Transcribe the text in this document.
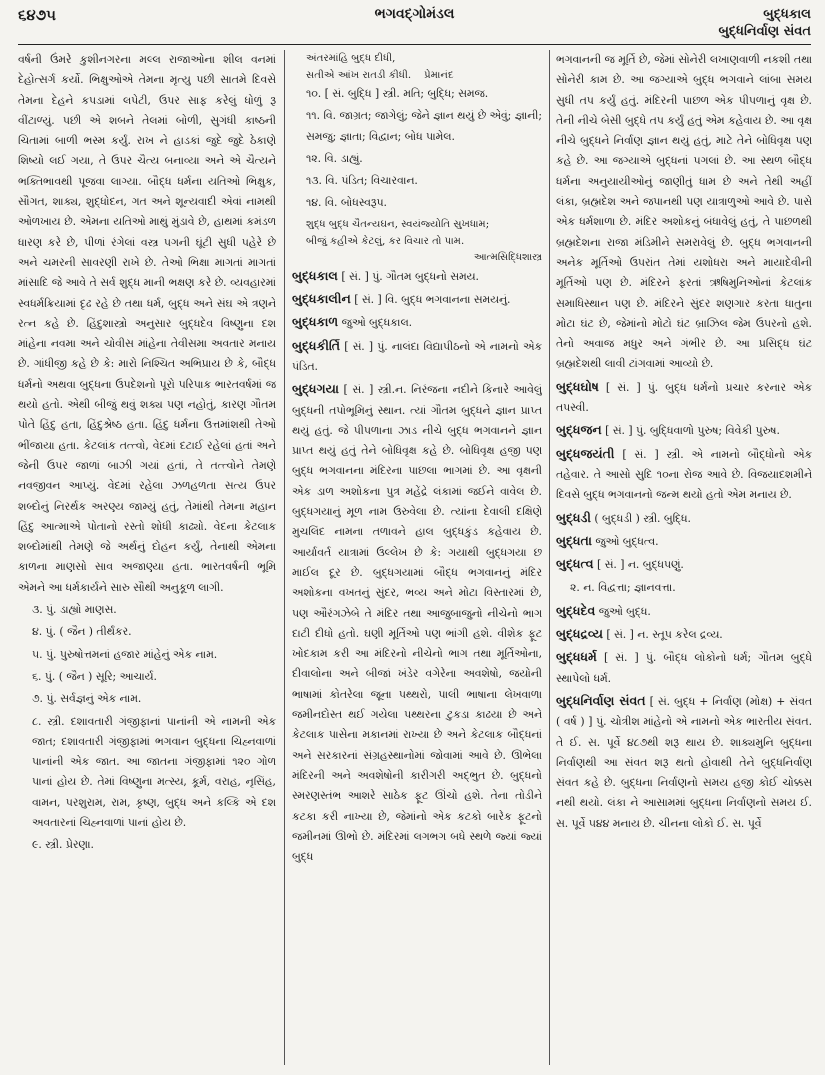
૬૪૭૫	ભગવદ્ગોમંડલ	બુદ્ધકાલ
બુદ્ધનિર્વાણ સંવત

વર્ષની ઉંમરે કુશીનગરના મલ્લ રાજાઓના શીલ વનમાં દેહોત્સર્ગ કર્યો. ભિક્ષુઓએ તેમના મૃત્યુ પછી સાતમે દિવસે તેમના દેહને કપડામાં લપેટી, ઉપર સાફ કરેલું ધોળું રૂ વીંટાળ્યું. પછી એ શબને તેલમાં બોળી, સુગંધી કાષ્ઠની ચિતામાં બાળી ભસ્મ કર્યું. રાખ ને હાડકાં જુદે જુદે ઠેકાણે શિષ્યો લઈ ગયા, તે ઉપર ચૈત્ય બનાવ્યા અને એ ચૈત્યને ભક્તિભાવથી પૂજવા લાગ્યા. બૌદ્ધ ધર્મના યતિઓ ભિક્ષુક, સૌગત, શાક્ય, શુદ્ધોદન, ગત અને શૂન્યવાદી એવાં નામથી ઓળખાય છે. એમના યતિઓ માથું મુંડાવે છે, હાથમાં કમંડળ ધારણ કરે છે, પીળાં રંગેલાં વસ્ત્ર પગની ઘૂંટી સુધી પહેરે છે અને ચમરની સાવરણી રાખે છે. તેઓ ભિક્ષા માગતાં માગતાં માંસાદિ જે આવે તે સર્વ શુદ્ધ માની ભક્ષણ કરે છે. વ્યવહારમાં સ્વધર્મક્રિયામાં દૃઢ રહે છે તથા ધર્મ, બુદ્ધ અને સંઘ એ ત્રણને રત્ન કહે છે. હિંદુશાસ્ત્રો અનુસાર બુદ્ધદેવ વિષ્ણુના દશ માંહેના નવમા અને ચોવીસ માંહેના તેવીસમા અવતાર મનાય છે. ગાંધીજી કહે છે કે: મારો નિશ્ચિત અભિપ્રાય છે કે, બૌદ્ધ ધર્મનો અથવા બુદ્ધના ઉપદેશનો પૂરો પરિપાક ભારતવર્ષમાં જ થયો હતો. એથી બીજું થવું શક્ય પણ નહોતું, કારણ ગૌતમ પોતે હિંદુ હતા, હિંદુશ્રેષ્ઠ હતા. હિંદુ ધર્મના ઉત્તમાંશથી તેઓ ભીંજાયા હતા. કેટલાંક તત્ત્વો, વેદમાં દટાઈ રહેલાં હતાં અને જેની ઉપર જાળાં બાઝી ગયાં હતાં, તે તત્ત્વોને તેમણે નવજીવન આપ્યું. વેદમાં રહેલા ઝળહળતા સત્ય ઉપર શબ્દોનું નિરર્થક અરણ્ય જામ્યું હતું, તેમાંથી તેમના મહાન હિંદુ આત્માએ પોતાનો રસ્તો શોધી કાઢ્યો. વેદના કેટલાક શબ્દોમાંથી તેમણે જે અર્થનું દોહન કર્યું, તેનાથી એમના કાળના માણસો સાવ અજાણ્યા હતા. ભારતવર્ષની ભૂમિ એમને આ ધર્મકાર્યને સારુ સૌથી અનુકૂળ લાગી.

૩. પું. ડાહ્યો માણસ.

૪. પું. ( જૈન ) તીર્થંકર.

૫. પું. પુરુષોત્તમનાં હજાર માંહેનું એક નામ.

૬. પું. ( જૈન ) સૂરિ; આચાર્ય.

૭. પું. સર્વજ્ઞનું એક નામ.

૮. સ્ત્રી. દશાવતારી ગંજીફાનાં પાનાંની એ નામની એક જાત; દશાવતારી ગંજીફામાં ભગવાન બુદ્ધના ચિહ્નવાળાં પાનાંની એક જાત. આ જાતના ગંજીફામાં ૧૨૦ ગોળ પાનાં હોય છે. તેમાં વિષ્ણુના મત્સ્ય, કૂર્મ, વરાહ, નૃસિંહ, વામન, પરશુરામ, રામ, કૃષ્ણ, બુદ્ધ અને કલ્કિ એ દશ અવતારનાં ચિહ્નવાળાં પાનાં હોય છે.

૯. સ્ત્રી. પ્રેરણા.

અંતરમાંહિ બુદ્ધ દીધી,

સતીએ આંખ રાતડી કીધી. પ્રેમાનંદ

૧૦. [ સં. બુદ્ધિ ] સ્ત્રી. મતિ; બુદ્ધિ; સમજ.

૧૧. વિ. જાગ્રત; જાગેલું; જેને જ્ઞાન થયું છે એવું; જ્ઞાની; સમજુ; જ્ઞાતા; વિદ્વાન; બોધ પામેલ.

૧૨. વિ. ડાહ્યું.

૧૩. વિ. પંડિત; વિચારવાન.

૧૪. વિ. બોધસ્વરૂપ.

શુદ્ધ બુદ્ધ ચૈતન્યઘન, સ્વયંજ્યોતિ સુખધામ;

બીજું કહીએ કેટલું, કર વિચાર તો પામ.

આત્મસિદ્ધિશાસ્ત્ર

બુદ્ધકાલ [ સં. ] પું. ગૌતમ બુદ્ધનો સમય.

બુદ્ધકાલીન [ સં. ] વિ. બુદ્ધ ભગવાનના સમયનું.

બુદ્ધકાળ જુઓ બુદ્ધકાલ.

બુદ્ધકીર્તિ [ સં. ] પું. નાલંદા વિદ્યાપીઠનો એ નામનો એક પંડિત.

બુદ્ધગયા [ સં. ] સ્ત્રી.ન. નિરંજના નદીને કિનારે આવેલું બુદ્ધની તપોભૂમિનું સ્થાન. ત્યાં ગૌતમ બુદ્ધને જ્ઞાન પ્રાપ્ત થયું હતું. જે પીપળાના ઝાડ નીચે બુદ્ધ ભગવાનને જ્ઞાન પ્રાપ્ત થયું હતું તેને બોધિવૃક્ષ કહે છે. બોધિવૃક્ષ હજી પણ બુદ્ધ ભગવાનના મંદિરના પાછલા ભાગમાં છે. આ વૃક્ષની એક ડાળ અશોકના પુત્ર મહેંદ્રે લંકામાં જઈને વાવેલ છે. બુદ્ધગયાનું મૂળ નામ ઉરુવેલા છે. ત્યાંના દેવાલી દક્ષિણે મુચલિંદ નામના તળાવને હાલ બુદ્ધકુંડ કહેવાય છે. આર્યાવર્ત યાત્રામાં ઉલ્લેખ છે કે: ગયાથી બુદ્ધગયા છ માઈલ દૂર છે. બુદ્ધગયામાં બૌદ્ધ ભગવાનનું મંદિર અશોકના વખતનું સુંદર, ભવ્ય અને મોટા વિસ્તારમાં છે, પણ ઔરંગઝેબે તે મંદિર તથા આજુબાજુનો નીચેનો ભાગ દાટી દીધો હતો. ઘણી મૂર્તિઓ પણ ભાંગી હશે. વીશેક ફૂટ ખોદકામ કરી આ મંદિરનો નીચેનો ભાગ તથા મૂર્તિઓના, દીવાલોના અને બીજાં ખંડેર વગેરેના અવશેષો, જયોની ભાષામાં કોતરેલા જૂના પથ્થરો, પાલી ભાષાના લેખવાળા જમીનદોસ્ત થઈ ગયેલા પથ્થરના ટુકડા કાઢયા છે અને કેટલાક પાસેના મકાનમાં રાખ્યા છે અને કેટલાક બૌદ્ધનાં અને સરકારનાં સંગ્રહસ્થાનોમાં જોવામાં આવે છે. ઊભેલા મંદિરની અને અવશેષોની કારીગરી અદ્ભુત છે. બુદ્ધનો સ્મરણસ્તંભ આશરે સાઠેક ફૂટ ઊંચો હશે. તેના તોડીને કટકા કરી નાખ્યા છે, જેમાંનો એક કટકો બારેક ફૂટનો જમીનમાં ઊભો છે. મંદિરમાં લગભગ બધે સ્થળે જ્યાં જ્યાં બુદ્ધ

ભગવાનની જ મૂર્તિ છે, જેમાં સોનેરી લખાણવાળી નકશી તથા સોનેરી કામ છે. આ જગ્યાએ બુદ્ધ ભગવાને લાંબા સમય સુધી તપ કર્યું હતું. મંદિરની પાછળ એક પીપળાનું વૃક્ષ છે. તેની નીચે બેસી બુદ્ધે તપ કર્યું હતું એમ કહેવાય છે. આ વૃક્ષ નીચે બુદ્ધને નિર્વાણ જ્ઞાન થયું હતું, માટે તેને બોધિવૃક્ષ પણ કહે છે. આ જગ્યાએ બુદ્ધનાં પગલાં છે. આ સ્થળ બૌદ્ધ ધર્મના અનુયાયીઓનું જાણીતું ધામ છે અને તેથી અહીં લંકા, બ્રહ્મદેશ અને જપાનથી પણ યાત્રાળુઓ આવે છે. પાસે એક ધર્મશાળા છે. મંદિર અશોકનું બંધાવેલું હતું, તે પાછળથી બ્રહ્મદેશના રાજા મંડિમીને સમરાવેલું છે. બુદ્ધ ભગવાનની અનેક મૂર્તિઓ ઉપરાંત તેમાં યશોધરા અને માયાદેવીની મૂર્તિઓ પણ છે. મંદિરને ફરતાં ઋષિમુનિઓનાં કેટલાંક સમાધિસ્થાન પણ છે. મંદિરને સુંદર શણગાર કરતા ધાતુના મોટા ઘંટ છે, જેમાંનો મોટો ઘંટ બ્રાઝિલ જેમ ઉપરનો હશે. તેનો અવાજ મધુર અને ગંભીર છે. આ પ્રસિદ્ધ ઘંટ બ્રહ્મદેશથી લાવી ટાંગવામાં આવ્યો છે.

બુદ્ધઘોષ [ સં. ] પું. બુદ્ધ ધર્મનો પ્રચાર કરનાર એક તપસ્વી.

બુદ્ધજન [ સં. ] પું. બુદ્ધિવાળો પુરુષ; વિવેકી પુરુષ.

બુદ્ધજયંતી [ સં. ] સ્ત્રી. એ નામનો બૌદ્ધોનો એક તહેવાર. તે આસો સુદિ ૧૦ના રોજ આવે છે. વિજયાદશમીને દિવસે બુદ્ધ ભગવાનનો જન્મ થયો હતો એમ મનાય છે.

બુદ્ધડી ( બુદ્ધડી ) સ્ત્રી. બુદ્ધિ.

બુદ્ધતા જુઓ બુદ્ધત્વ.

બુદ્ધત્વ [ સં. ] ન. બુદ્ધપણું.

૨. ન. વિદ્વત્તા; જ્ઞાનવત્તા.

બુદ્ધદેવ જુઓ બુદ્ધ.

બુદ્ધદ્રવ્ય [ સં. ] ન. સ્તૂપ કરેલ દ્રવ્ય.

બુદ્ધધર્મ [ સં. ] પું. બૌદ્ધ લોકોનો ધર્મ; ગૌતમ બુદ્ધે સ્થાપેલો ધર્મ.

બુદ્ધનિર્વાણ સંવત [ સં. બુદ્ધ + નિર્વાણ (મોક્ષ) + સંવત ( વર્ષ ) ] પું. ચોત્રીશ માંહેનો એ નામનો એક ભારતીય સંવત. તે ઈ. સ. પૂર્વે ૪૮૭થી શરૂ થાય છે. શાક્યમુનિ બુદ્ધના નિર્વાણથી આ સંવત શરૂ થતો હોવાથી તેને બુદ્ધનિર્વાણ સંવત કહે છે. બુદ્ધના નિર્વાણનો સમય હજી કોઈ ચોક્કસ નથી થયો. લંકા ને આસામમાં બુદ્ધના નિર્વાણનો સમય ઈ. સ. પૂર્વે ૫૪૪ મનાય છે. ચીનના લોકો ઈ. સ. પૂર્વે
